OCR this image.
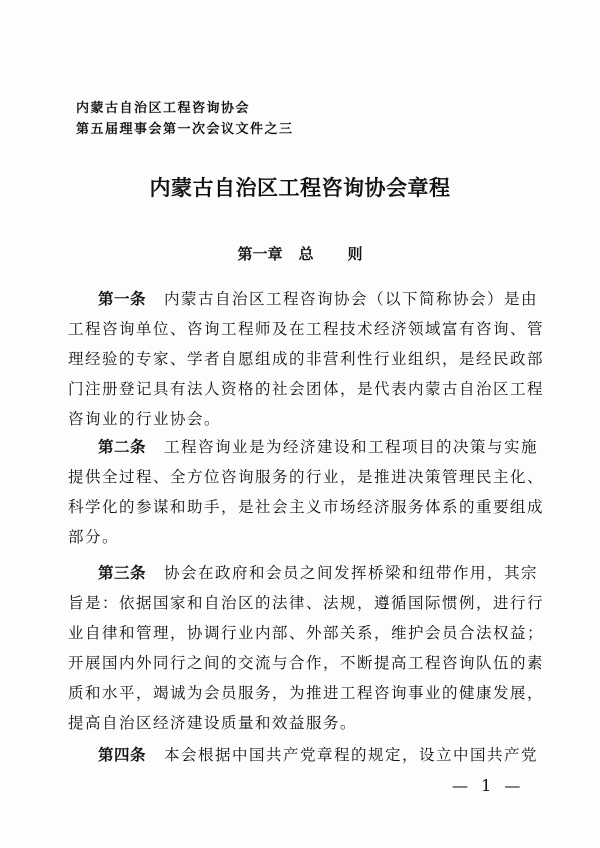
内蒙古自治区工程咨询协会
第五届理事会第一次会议文件之三
内蒙古自治区工程咨询协会章程
第一章 总 则
第一条 内蒙古自治区工程咨询协会（以下简称协会）是由
工程咨询单位、咨询工程师及在工程技术经济领域富有咨询、管
理经验的专家、学者自愿组成的非营利性行业组织，是经民政部
门注册登记具有法人资格的社会团体，是代表内蒙古自治区工程
咨询业的行业协会。
第二条 工程咨询业是为经济建设和工程项目的决策与实施
提供全过程、全方位咨询服务的行业，是推进决策管理民主化、
科学化的参谋和助手，是社会主义市场经济服务体系的重要组成
部分。
第三条 协会在政府和会员之间发挥桥梁和纽带作用，其宗
旨是：依据国家和自治区的法律、法规，遵循国际惯例，进行行
业自律和管理，协调行业内部、外部关系，维护会员合法权益；
开展国内外同行之间的交流与合作，不断提高工程咨询队伍的素
质和水平，竭诚为会员服务，为推进工程咨询事业的健康发展，
提高自治区经济建设质量和效益服务。
第四条 本会根据中国共产党章程的规定，设立中国共产党
— 1 —
